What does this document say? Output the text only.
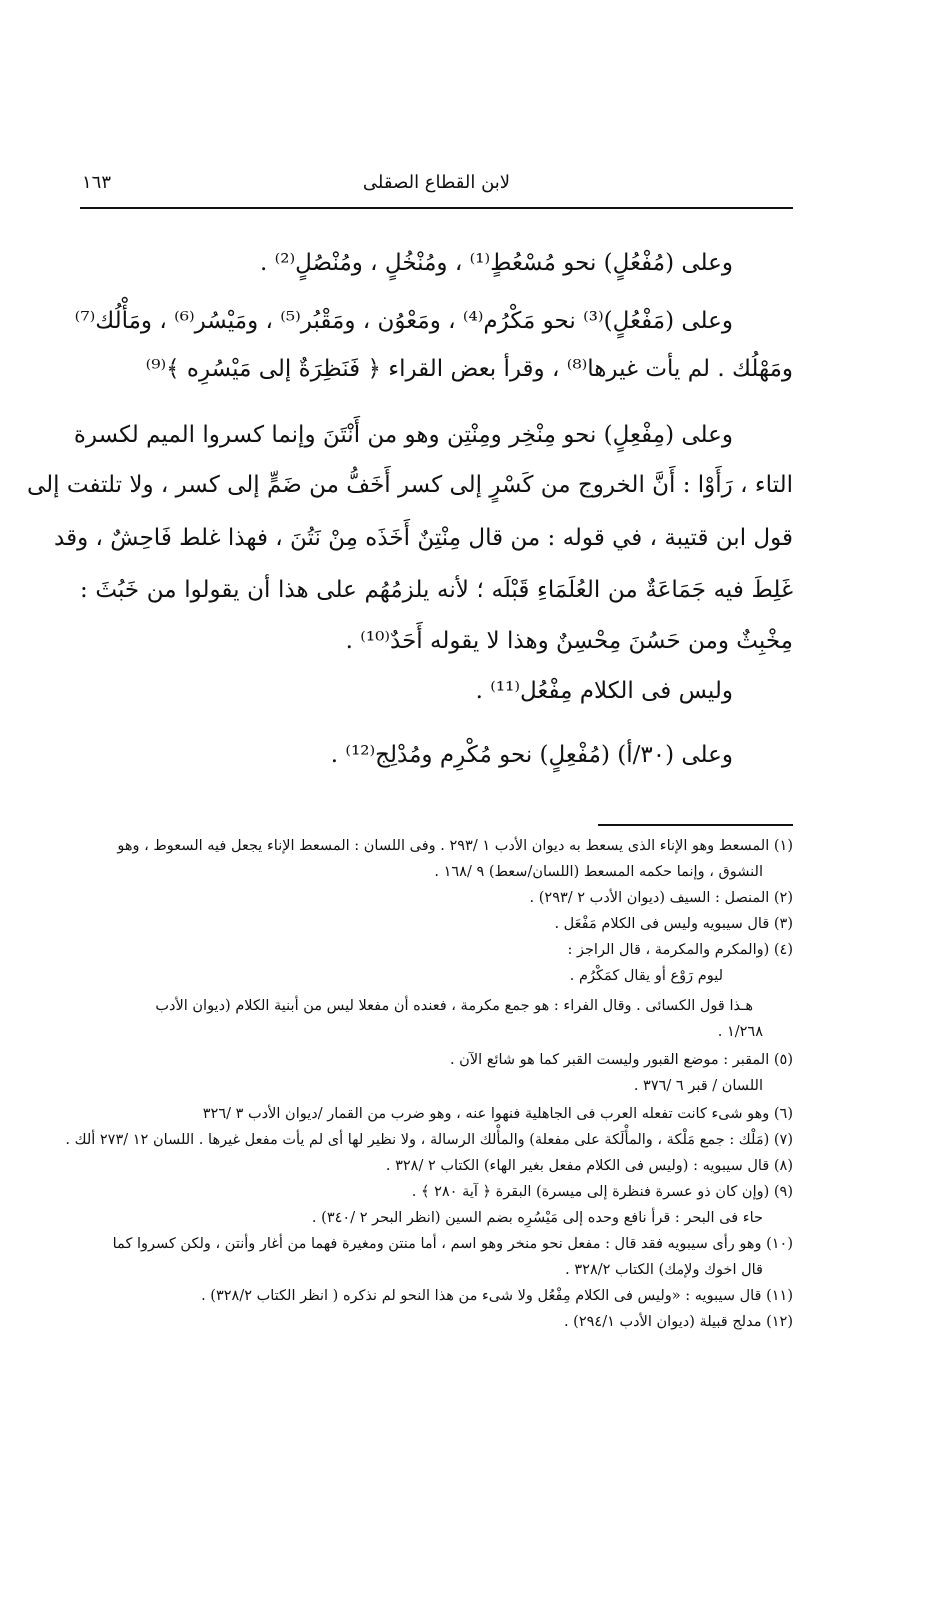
لابن القطاع الصقلى
١٦٣
وعلى (مُفْعُلٍ) نحو مُسْعُطٍ⁽¹⁾ ، ومُنْخُلٍ ، ومُنْصُلٍ⁽²⁾ .
وعلى (مَفْعُلٍ)⁽³⁾ نحو مَكْرُم⁽⁴⁾ ، ومَعْوُن ، ومَقْبُر⁽⁵⁾ ، ومَيْسُر⁽⁶⁾ ، ومَأْلُك⁽⁷⁾
ومَهْلُك . لم يأت غيرها⁽⁸⁾ ، وقرأ بعض القراء ﴿ فَنَظِرَةٌ إلى مَيْسُرِه ﴾⁽⁹⁾
وعلى (مِفْعِلٍ) نحو مِنْخِر ومِنْتِن وهو من أَنْتَنَ وإنما كسروا الميم لكسرة
التاء ، رَأَوْا : أَنَّ الخروج من كَسْرٍ إلى كسر أَخَفُّ من ضَمٍّ إلى كسر ، ولا تلتفت إلى
قول ابن قتيبة ، في قوله : من قال مِنْتِنٌ أَخَذَه مِنْ نَتُنَ ، فهذا غلط فَاحِشٌ ، وقد
غَلِطَ فيه جَمَاعَةٌ من العُلَمَاءِ قَبْلَه ؛ لأنه يلزمُهُم على هذا أن يقولوا من خَبُثَ :
مِخْبِثٌ ومن حَسُنَ مِحْسِنٌ وهذا لا يقوله أَحَدٌ⁽¹⁰⁾ .
وليس فى الكلام مِفْعُل⁽¹¹⁾ .
وعلى (٣٠/أ) (مُفْعِلٍ) نحو مُكْرِم ومُدْلِج⁽¹²⁾ .
(١) المسعط وهو الإناء الذى يسعط به ديوان الأدب ١ /٢٩٣ . وفى اللسان : المسعط الإناء يجعل فيه السعوط ، وهو
النشوق ، وإنما حكمه المسعط (اللسان/سعط) ٩ /١٦٨ .
(٢) المنصل : السيف (ديوان الأدب ٢ /٢٩٣) .
(٣) قال سيبويه وليس فى الكلام مَفْعَل .
(٤) (والمكرم والمكرمة ، قال الراجز :
ليوم رَوْع أو يقال كمَكْرُم .
هـذا قول الكسائى . وقال الفراء : هو جمع مكرمة ، فعنده أن مفعلا ليس من أبنية الكلام (ديوان الأدب
١/٢٦٨ .
(٥) المقبر : موضع القبور وليست القبر كما هو شائع الآن .
اللسان / قبر ٦ /٣٧٦ .
(٦) وهو شىء كانت تفعله العرب فى الجاهلية فنهوا عنه ، وهو ضرب من القمار /ديوان الأدب ٣ /٣٢٦
(٧) (مَلْك : جمع مَلْكة ، والمأْلَكة على مفعلة) والمأْلك الرسالة ، ولا نظير لها أى لم يأت مفعل غيرها . اللسان ١٢ /٢٧٣ ألك .
(٨) قال سيبويه : (وليس فى الكلام مفعل بغير الهاء) الكتاب ٢ /٣٢٨ .
(٩) (وإن كان ذو عسرة فنظرة إلى ميسرة) البقرة ﴿ آية ٢٨٠ ﴾ .
حاء فى البحر : قرأ نافع وحده إلى مَيْسُرِه بضم السين (انظر البحر ٢ /٣٤٠) .
(١٠) وهو رأى سيبويه فقد قال : مفعل نحو منخر وهو اسم ، أما منتن ومغيرة فهما من أغار وأنتن ، ولكن كسروا كما
قال اخوك ولإمك) الكتاب ٣٢٨/٢ .
(١١) قال سيبويه : «وليس فى الكلام مِفْعُل ولا شىء من هذا النحو لم نذكره ( انظر الكتاب ٣٢٨/٢) .
(١٢) مدلج قبيلة (ديوان الأدب ٢٩٤/١) .
